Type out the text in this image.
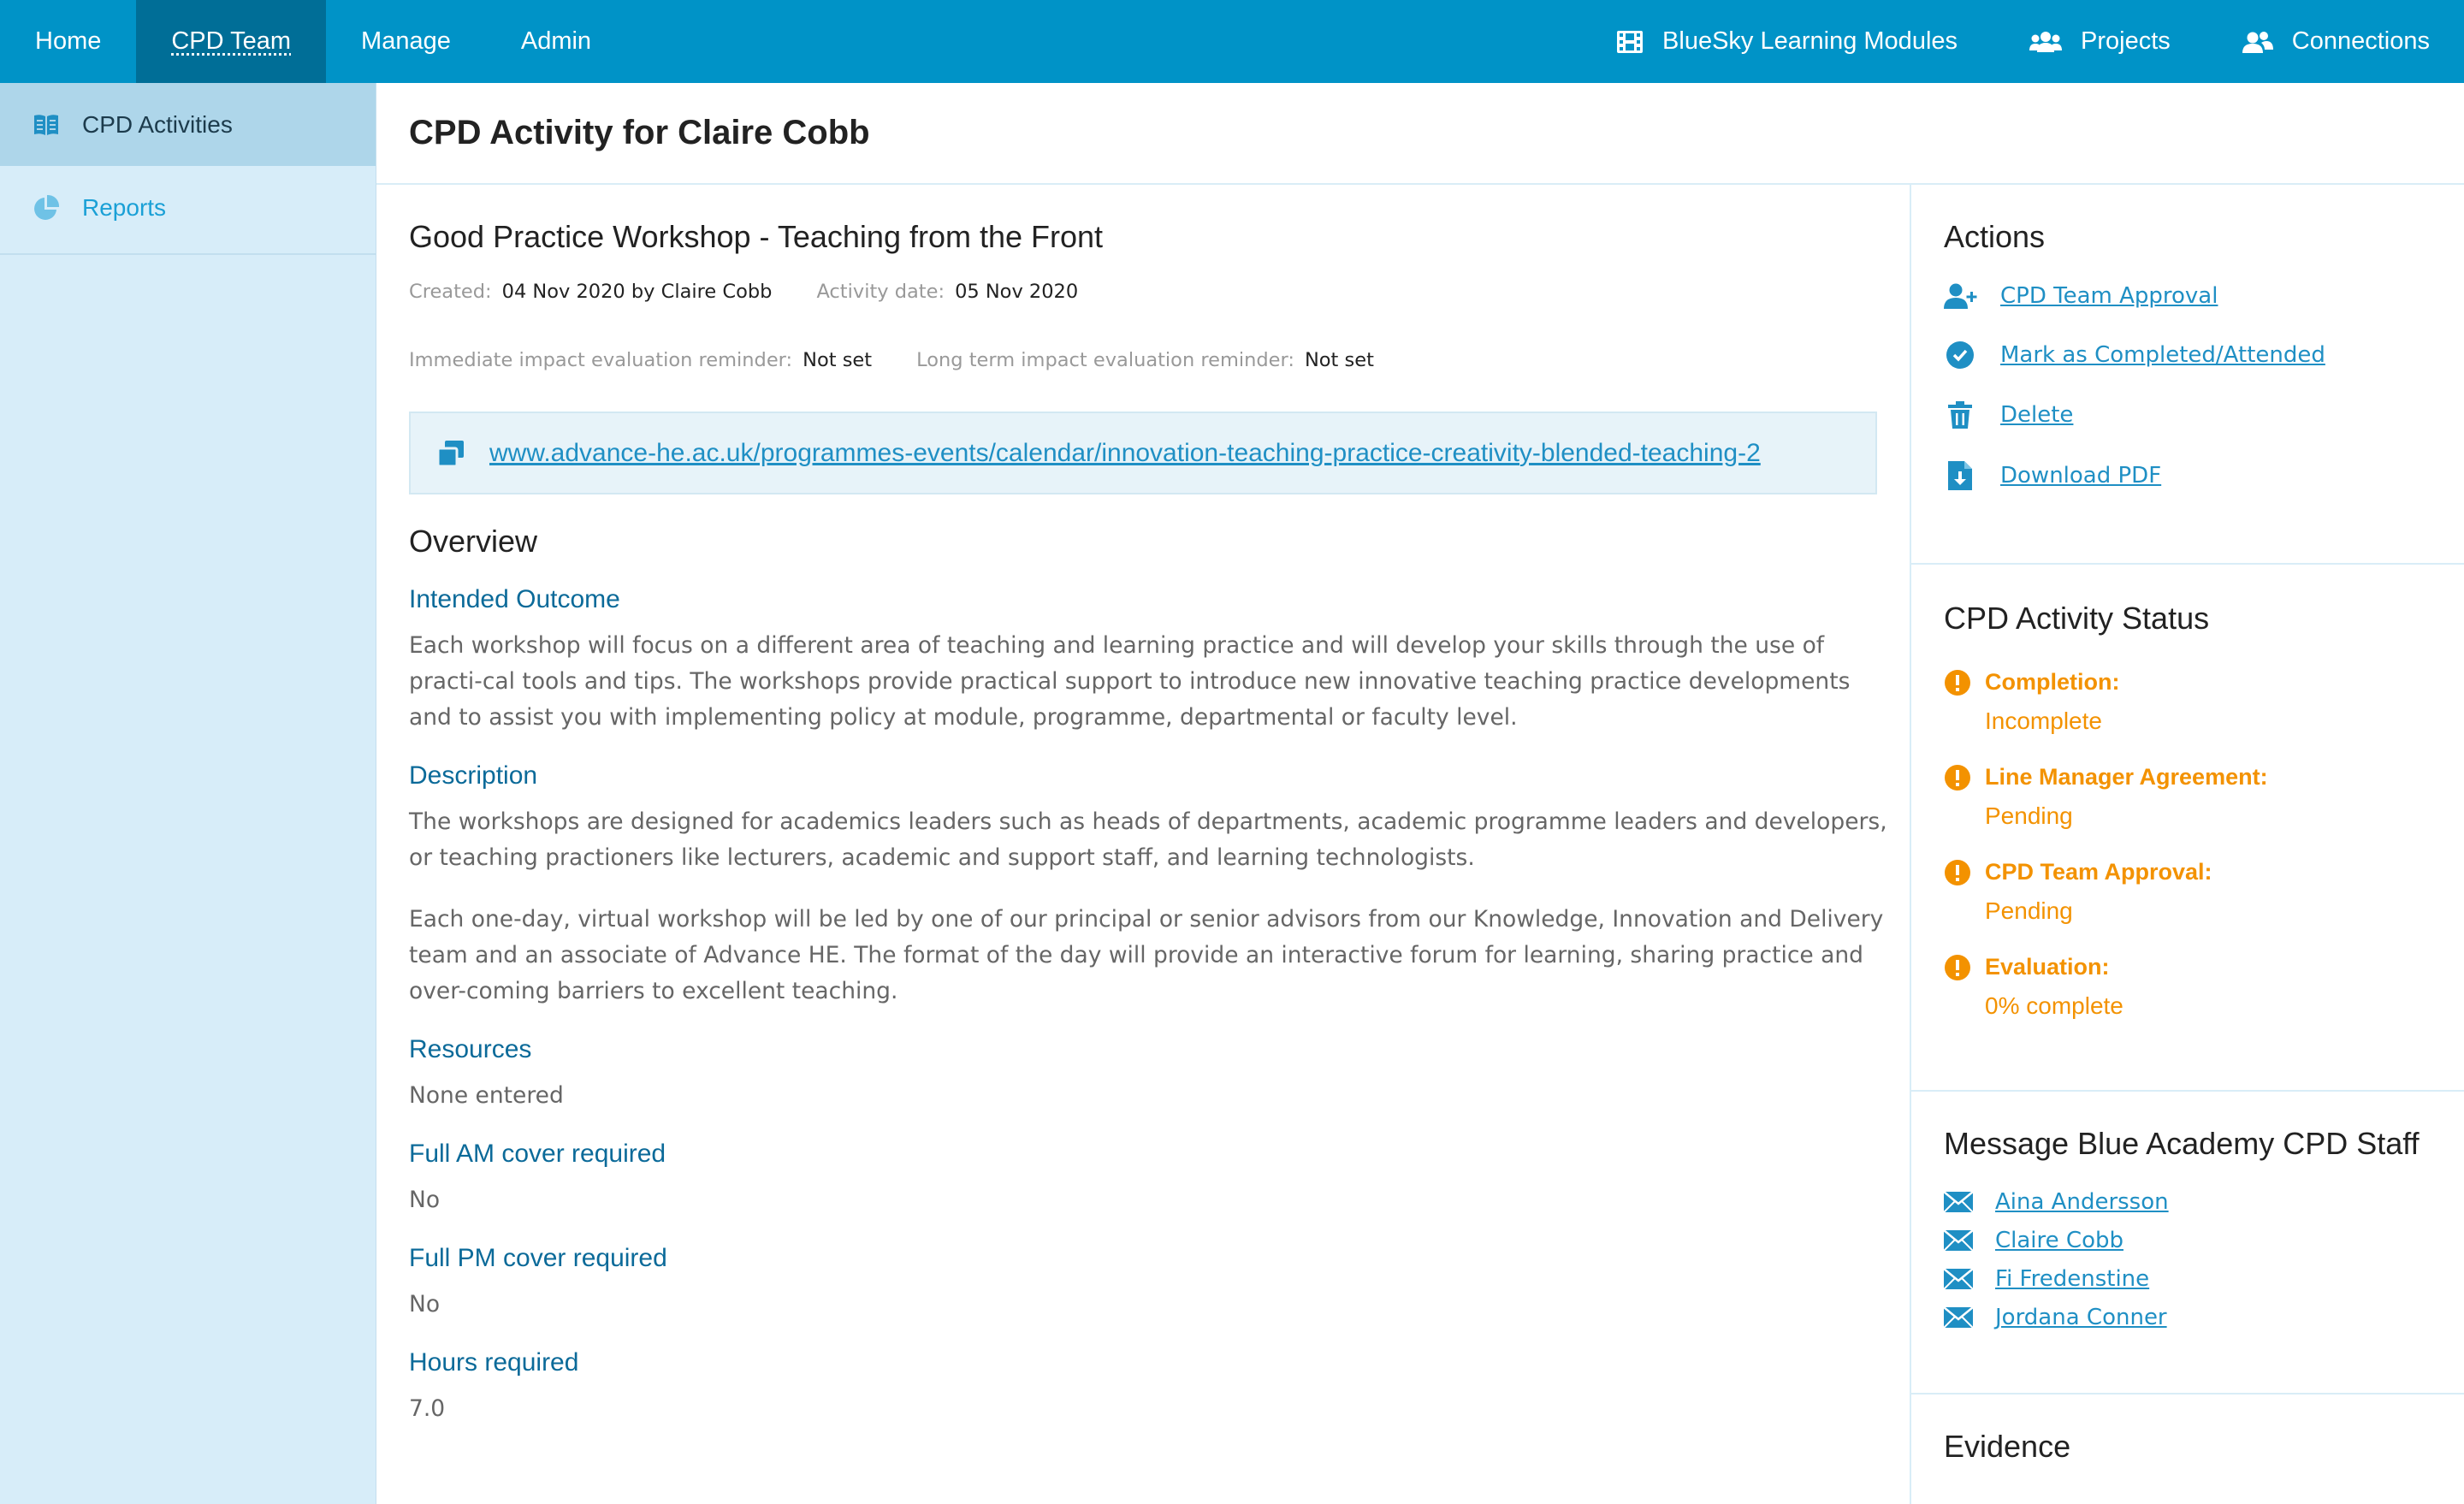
Home	CPD Team	Manage	Admin	BlueSky Learning Modules	Projects	Connections
CPD Activities
Reports
CPD Activity for Claire Cobb
Good Practice Workshop - Teaching from the Front
Created: 04 Nov 2020 by Claire Cobb Activity date: 05 Nov 2020
Immediate impact evaluation reminder: Not set Long term impact evaluation reminder: Not set
www.advance-he.ac.uk/programmes-events/calendar/innovation-teaching-practice-creativity-blended-teaching-2
Overview
Intended Outcome

Each workshop will focus on a different area of teaching and learning practice and will develop your skills through the use of practi-cal tools and tips. The workshops provide practical support to introduce new innovative teaching practice developments and to assist you with implementing policy at module, programme, departmental or faculty level.

Description

The workshops are designed for academics leaders such as heads of departments, academic programme leaders and developers, or teaching practioners like lecturers, academic and support staff, and learning technologists.

Each one-day, virtual workshop will be led by one of our principal or senior advisors from our Knowledge, Innovation and Delivery team and an associate of Advance HE. The format of the day will provide an interactive forum for learning, sharing practice and over-coming barriers to excellent teaching.

Resources

None entered

Full AM cover required

No

Full PM cover required

No

Hours required

7.0

Actions
CPD Team Approval
Mark as Completed/Attended
Delete
Download PDF
CPD Activity Status
Completion:
Incomplete
Line Manager Agreement:
Pending
CPD Team Approval:
Pending
Evaluation:
0% complete
Message Blue Academy CPD Staff
Aina Andersson
Claire Cobb
Fi Fredenstine
Jordana Conner
Evidence
